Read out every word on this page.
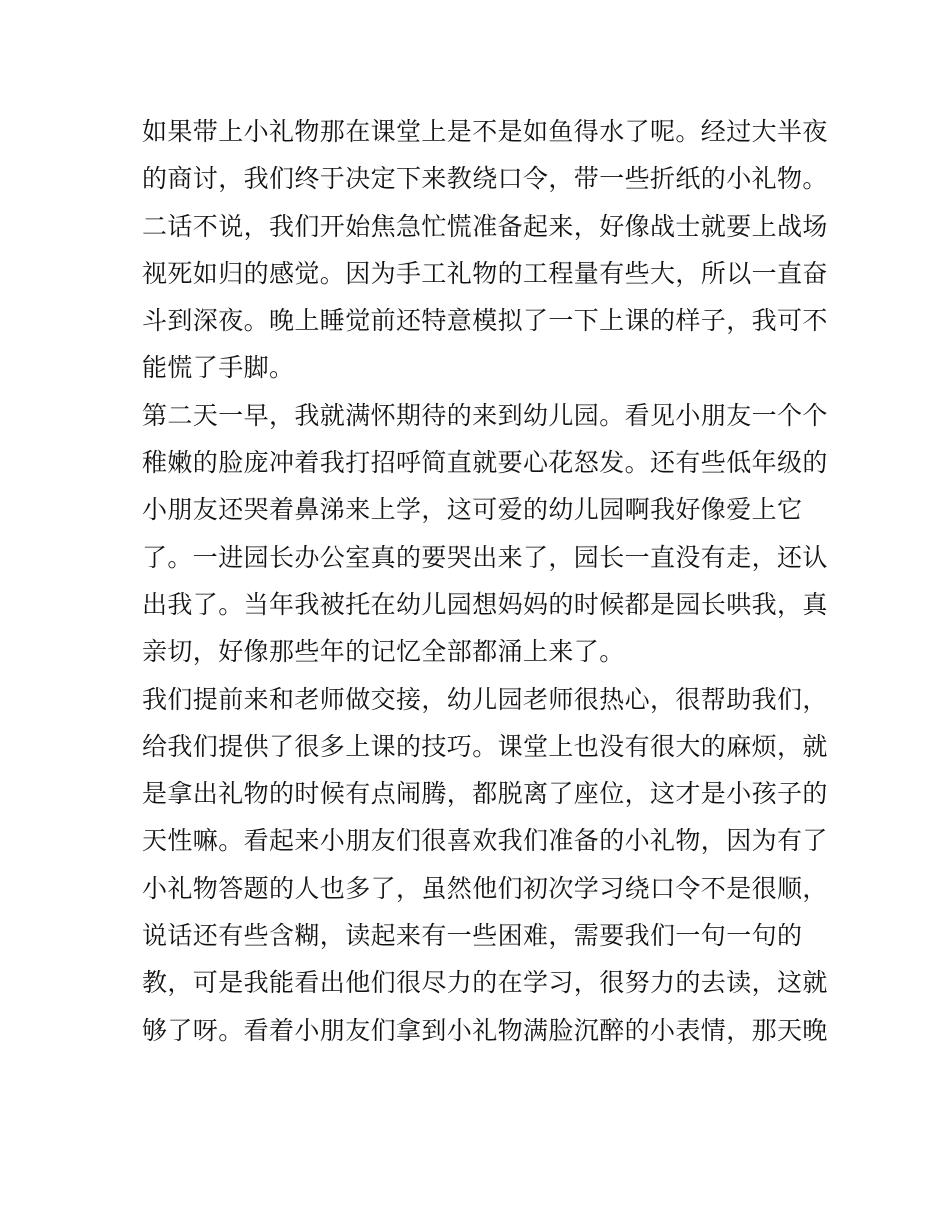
如果带上小礼物那在课堂上是不是如鱼得水了呢。经过大半夜
的商讨，我们终于决定下来教绕口令，带一些折纸的小礼物。
二话不说，我们开始焦急忙慌准备起来，好像战士就要上战场
视死如归的感觉。因为手工礼物的工程量有些大，所以一直奋
斗到深夜。晚上睡觉前还特意模拟了一下上课的样子，我可不
能慌了手脚。
第二天一早，我就满怀期待的来到幼儿园。看见小朋友一个个
稚嫩的脸庞冲着我打招呼简直就要心花怒发。还有些低年级的
小朋友还哭着鼻涕来上学，这可爱的幼儿园啊我好像爱上它
了。一进园长办公室真的要哭出来了，园长一直没有走，还认
出我了。当年我被托在幼儿园想妈妈的时候都是园长哄我，真
亲切，好像那些年的记忆全部都涌上来了。
我们提前来和老师做交接，幼儿园老师很热心，很帮助我们，
给我们提供了很多上课的技巧。课堂上也没有很大的麻烦，就
是拿出礼物的时候有点闹腾，都脱离了座位，这才是小孩子的
天性嘛。看起来小朋友们很喜欢我们准备的小礼物，因为有了
小礼物答题的人也多了，虽然他们初次学习绕口令不是很顺，
说话还有些含糊，读起来有一些困难，需要我们一句一句的
教，可是我能看出他们很尽力的在学习，很努力的去读，这就
够了呀。看着小朋友们拿到小礼物满脸沉醉的小表情，那天晚
